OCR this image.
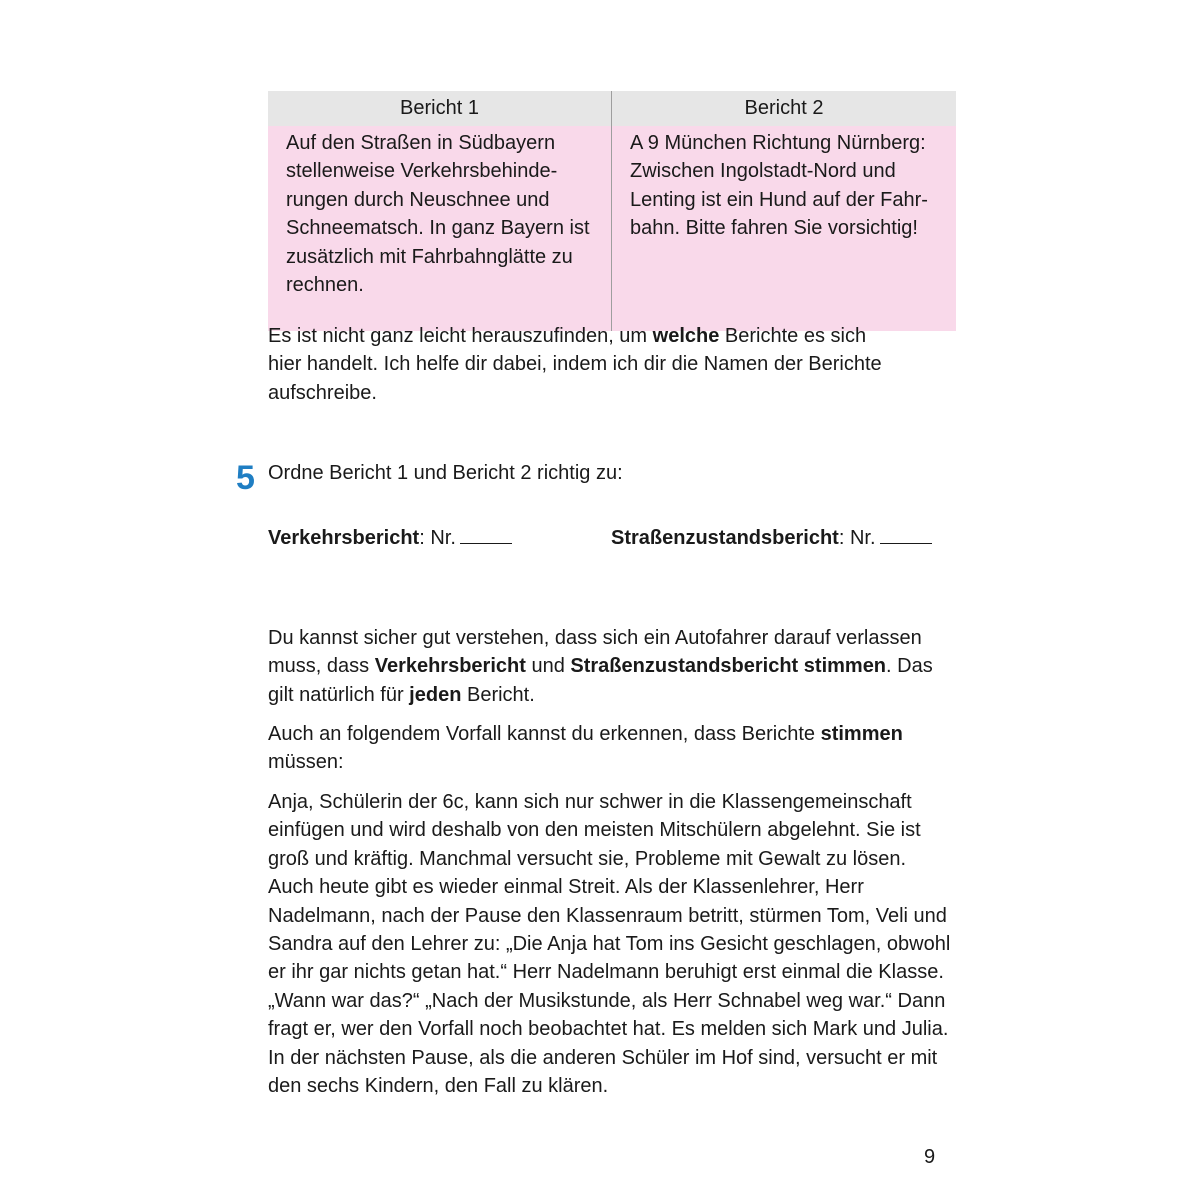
Bericht 1	Bericht 2
Auf den Straßen in Südbayern stellenweise Verkehrsbehinderungen durch Neuschnee und Schneematsch. In ganz Bayern ist zusätzlich mit Fahrbahnglätte zu rechnen.	A 9 München Richtung Nürnberg: Zwischen Ingolstadt-Nord und Lenting ist ein Hund auf der Fahrbahn. Bitte fahren Sie vorsichtig!

Es ist nicht ganz leicht herauszufinden, um welche Berichte es sich hier handelt. Ich helfe dir dabei, indem ich dir die Namen der Berichte aufschreibe.

5 Ordne Bericht 1 und Bericht 2 richtig zu:

Verkehrsbericht: Nr.	Straßenzustandsbericht: Nr.

Du kannst sicher gut verstehen, dass sich ein Autofahrer darauf verlassen muss, dass Verkehrsbericht und Straßenzustandsbericht stimmen. Das gilt natürlich für jeden Bericht.

Auch an folgendem Vorfall kannst du erkennen, dass Berichte stimmen müssen:

Anja, Schülerin der 6c, kann sich nur schwer in die Klassengemeinschaft einfügen und wird deshalb von den meisten Mitschülern abgelehnt. Sie ist groß und kräftig. Manchmal versucht sie, Probleme mit Gewalt zu lösen. Auch heute gibt es wieder einmal Streit. Als der Klassenlehrer, Herr Nadelmann, nach der Pause den Klassenraum betritt, stürmen Tom, Veli und Sandra auf den Lehrer zu: „Die Anja hat Tom ins Gesicht geschlagen, obwohl er ihr gar nichts getan hat.“ Herr Nadelmann beruhigt erst einmal die Klasse. „Wann war das?“ „Nach der Musikstunde, als Herr Schnabel weg war.“ Dann fragt er, wer den Vorfall noch beobachtet hat. Es melden sich Mark und Julia. In der nächsten Pause, als die anderen Schüler im Hof sind, versucht er mit den sechs Kindern, den Fall zu klären.

9
